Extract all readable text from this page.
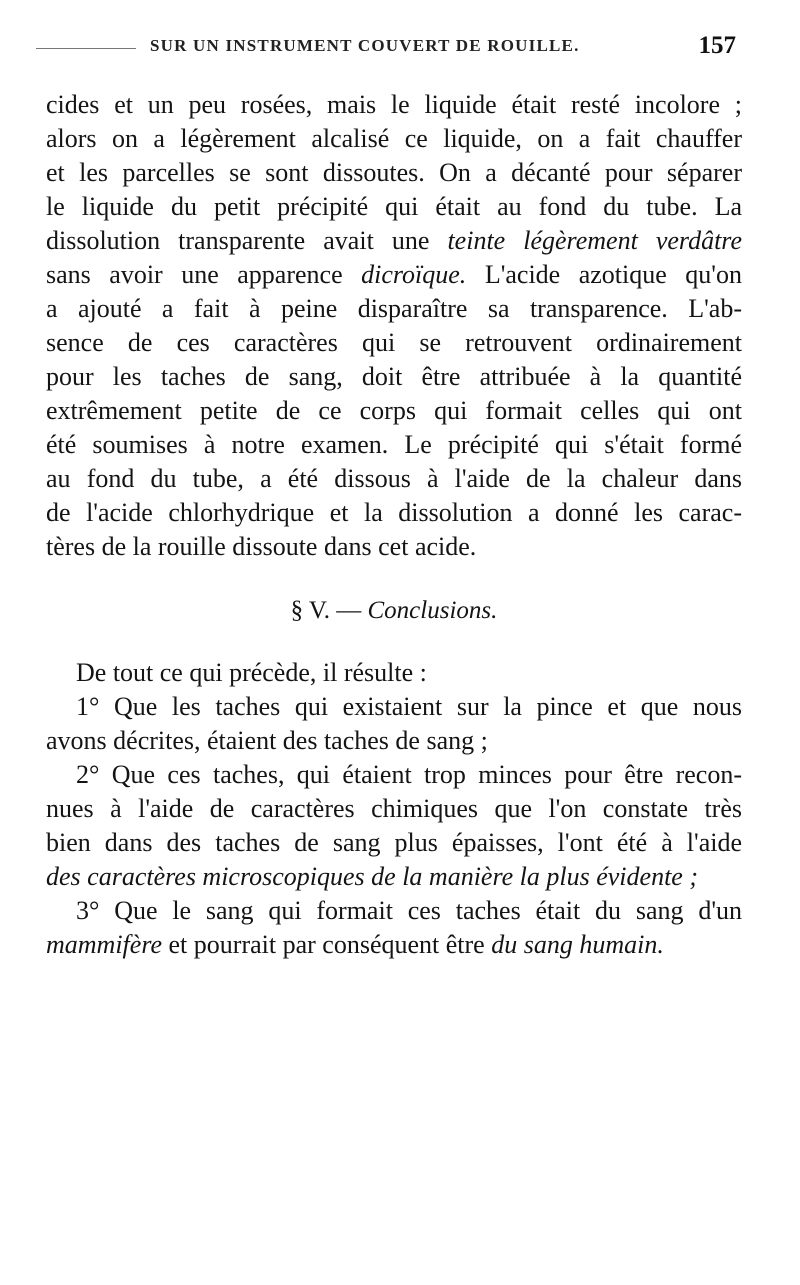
SUR UN INSTRUMENT COUVERT DE ROUILLE.	157
cides et un peu rosées, mais le liquide était resté incolore ;
alors on a légèrement alcalisé ce liquide, on a fait chauffer
et les parcelles se sont dissoutes. On a décanté pour séparer
le liquide du petit précipité qui était au fond du tube. La
dissolution transparente avait une teinte légèrement verdâtre
sans avoir une apparence dicroïque. L'acide azotique qu'on
a ajouté a fait à peine disparaître sa transparence. L'ab-
sence de ces caractères qui se retrouvent ordinairement
pour les taches de sang, doit être attribuée à la quantité
extrêmement petite de ce corps qui formait celles qui ont
été soumises à notre examen. Le précipité qui s'était formé
au fond du tube, a été dissous à l'aide de la chaleur dans
de l'acide chlorhydrique et la dissolution a donné les carac-
tères de la rouille dissoute dans cet acide.
§ V. — Conclusions.
De tout ce qui précède, il résulte :
1° Que les taches qui existaient sur la pince et que nous
avons décrites, étaient des taches de sang ;
2° Que ces taches, qui étaient trop minces pour être recon-
nues à l'aide de caractères chimiques que l'on constate très
bien dans des taches de sang plus épaisses, l'ont été à l'aide
des caractères microscopiques de la manière la plus évidente ;
3° Que le sang qui formait ces taches était du sang d'un
mammifère et pourrait par conséquent être du sang humain.
